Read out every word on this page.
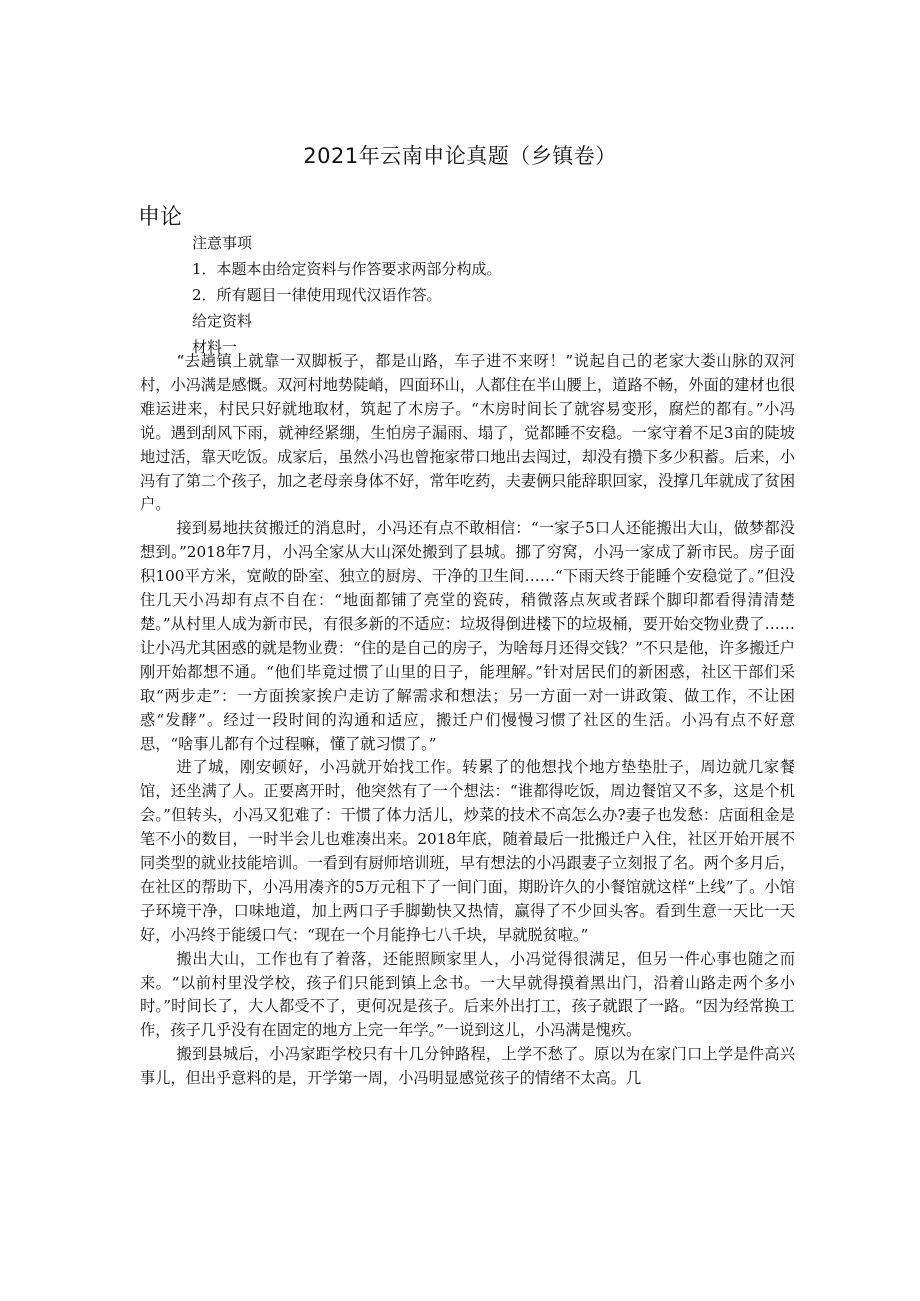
2021年云南申论真题（乡镇卷）
申论
注意事项
1．本题本由给定资料与作答要求两部分构成。
2．所有题目一律使用现代汉语作答。
给定资料
材料一

“去趟镇上就靠一双脚板子，都是山路，车子进不来呀！”说起自己的老家大娄山脉的双河村，小冯满是感慨。双河村地势陡峭，四面环山，人都住在半山腰上，道路不畅，外面的建材也很难运进来，村民只好就地取材，筑起了木房子。“木房时间长了就容易变形，腐烂的都有。”小冯说。遇到刮风下雨，就神经紧绷，生怕房子漏雨、塌了，觉都睡不安稳。一家守着不足3亩的陡坡地过活，靠天吃饭。成家后，虽然小冯也曾拖家带口地出去闯过，却没有攒下多少积蓄。后来，小冯有了第二个孩子，加之老母亲身体不好，常年吃药，夫妻俩只能辞职回家，没撑几年就成了贫困户。

接到易地扶贫搬迁的消息时，小冯还有点不敢相信：“一家子5口人还能搬出大山，做梦都没想到。”2018年7月，小冯全家从大山深处搬到了县城。挪了穷窝，小冯一家成了新市民。房子面积100平方米，宽敞的卧室、独立的厨房、干净的卫生间……“下雨天终于能睡个安稳觉了。”但没住几天小冯却有点不自在：“地面都铺了亮堂的瓷砖，稍微落点灰或者踩个脚印都看得清清楚楚。”从村里人成为新市民，有很多新的不适应：垃圾得倒进楼下的垃圾桶，要开始交物业费了……让小冯尤其困惑的就是物业费：“住的是自己的房子，为啥每月还得交钱？”不只是他，许多搬迁户刚开始都想不通。“他们毕竟过惯了山里的日子，能理解。”针对居民们的新困惑，社区干部们采取“两步走”：一方面挨家挨户走访了解需求和想法；另一方面一对一讲政策、做工作，不让困惑“发酵”。经过一段时间的沟通和适应，搬迁户们慢慢习惯了社区的生活。小冯有点不好意思，“啥事儿都有个过程嘛，懂了就习惯了。”

进了城，刚安顿好，小冯就开始找工作。转累了的他想找个地方垫垫肚子，周边就几家餐馆，还坐满了人。正要离开时，他突然有了一个想法：“谁都得吃饭，周边餐馆又不多，这是个机会。”但转头，小冯又犯难了：干惯了体力活儿，炒菜的技术不高怎么办?妻子也发愁：店面租金是笔不小的数目，一时半会儿也难凑出来。2018年底，随着最后一批搬迁户入住，社区开始开展不同类型的就业技能培训。一看到有厨师培训班，早有想法的小冯跟妻子立刻报了名。两个多月后，在社区的帮助下，小冯用凑齐的5万元租下了一间门面，期盼许久的小餐馆就这样“上线”了。小馆子环境干净，口味地道，加上两口子手脚勤快又热情，赢得了不少回头客。看到生意一天比一天好，小冯终于能缓口气：“现在一个月能挣七八千块，早就脱贫啦。”

搬出大山，工作也有了着落，还能照顾家里人，小冯觉得很满足，但另一件心事也随之而来。“以前村里没学校，孩子们只能到镇上念书。一大早就得摸着黑出门，沿着山路走两个多小时。”时间长了，大人都受不了，更何况是孩子。后来外出打工，孩子就跟了一路。“因为经常换工作，孩子几乎没有在固定的地方上完一年学。”一说到这儿，小冯满是愧疚。

搬到县城后，小冯家距学校只有十几分钟路程，上学不愁了。原以为在家门口上学是件高兴事儿，但出乎意料的是，开学第一周，小冯明显感觉孩子的情绪不太高。几
